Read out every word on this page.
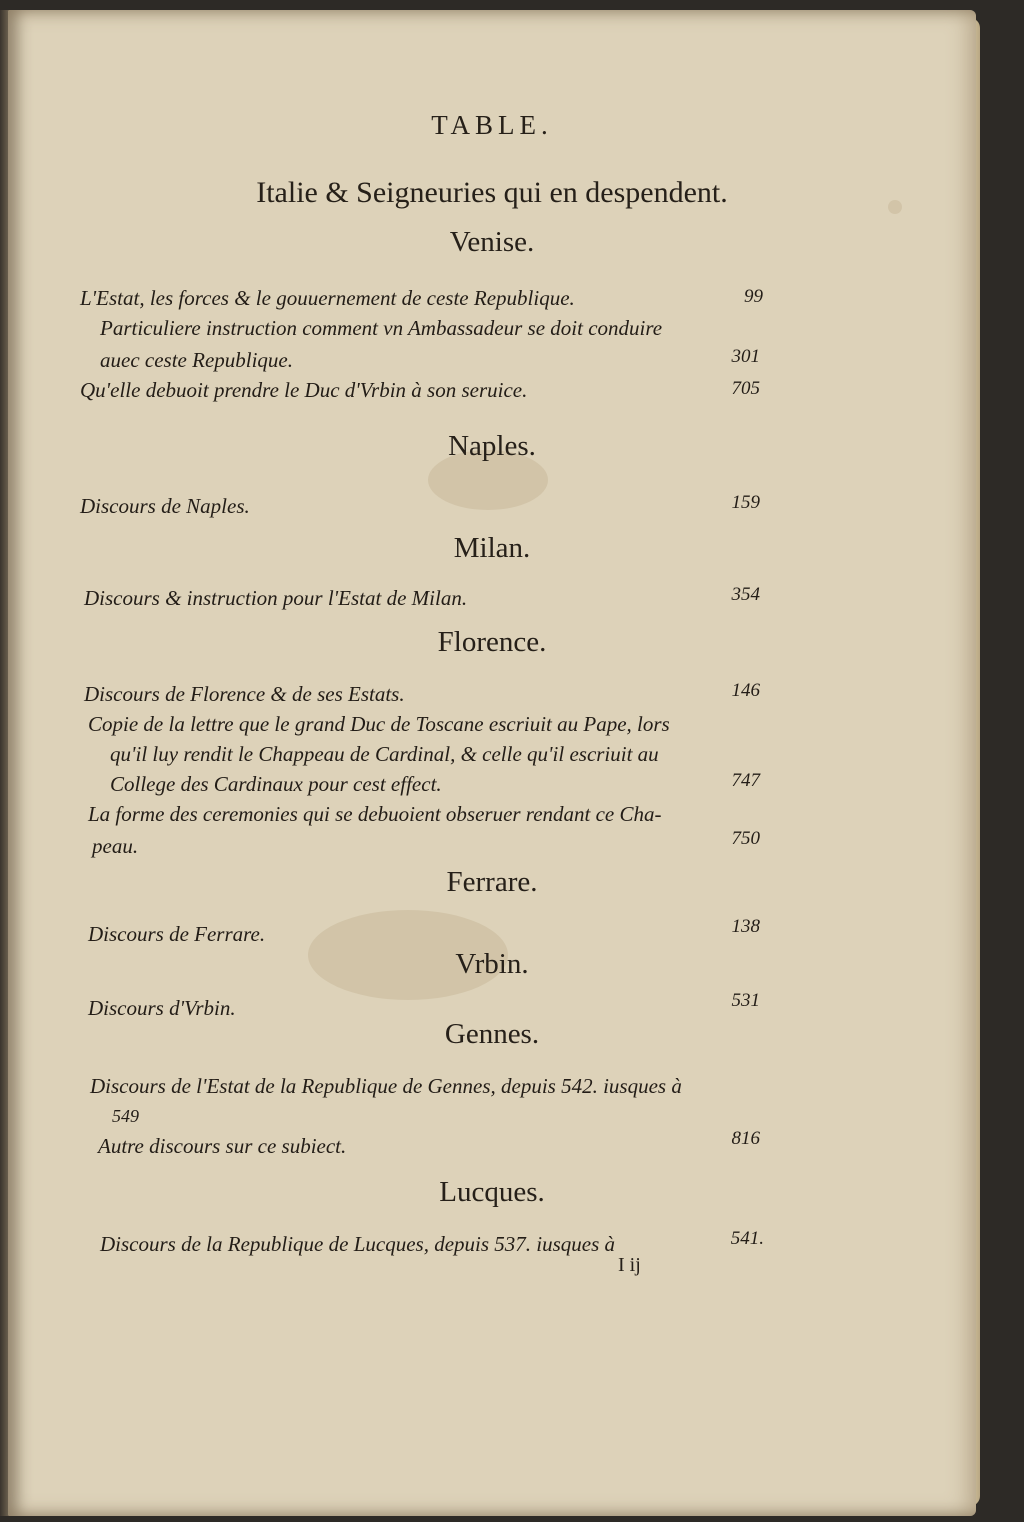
TABLE.
Italie & Seigneuries qui en despendent.
Venise.
L'Estat, les forces & le gouuernement de ceste Republique.	99
Particuliere instruction comment vn Ambassadeur se doit conduire
auec ceste Republique.	301
Qu'elle debuoit prendre le Duc d'Vrbin à son seruice.	705
Naples.
Discours de Naples.	159
Milan.
Discours & instruction pour l'Estat de Milan.	354
Florence.
Discours de Florence & de ses Estats.	146
Copie de la lettre que le grand Duc de Toscane escriuit au Pape, lors
qu'il luy rendit le Chappeau de Cardinal, & celle qu'il escriuit au
College des Cardinaux pour cest effect.	747
La forme des ceremonies qui se debuoient obseruer rendant ce Cha-
peau.	750
Ferrare.
Discours de Ferrare.	138
Vrbin.
Discours d'Vrbin.	531
Gennes.
Discours de l'Estat de la Republique de Gennes, depuis 542. iusques à
549
Autre discours sur ce subiect.	816
Lucques.
Discours de la Republique de Lucques, depuis 537. iusques à	541.
I ij
